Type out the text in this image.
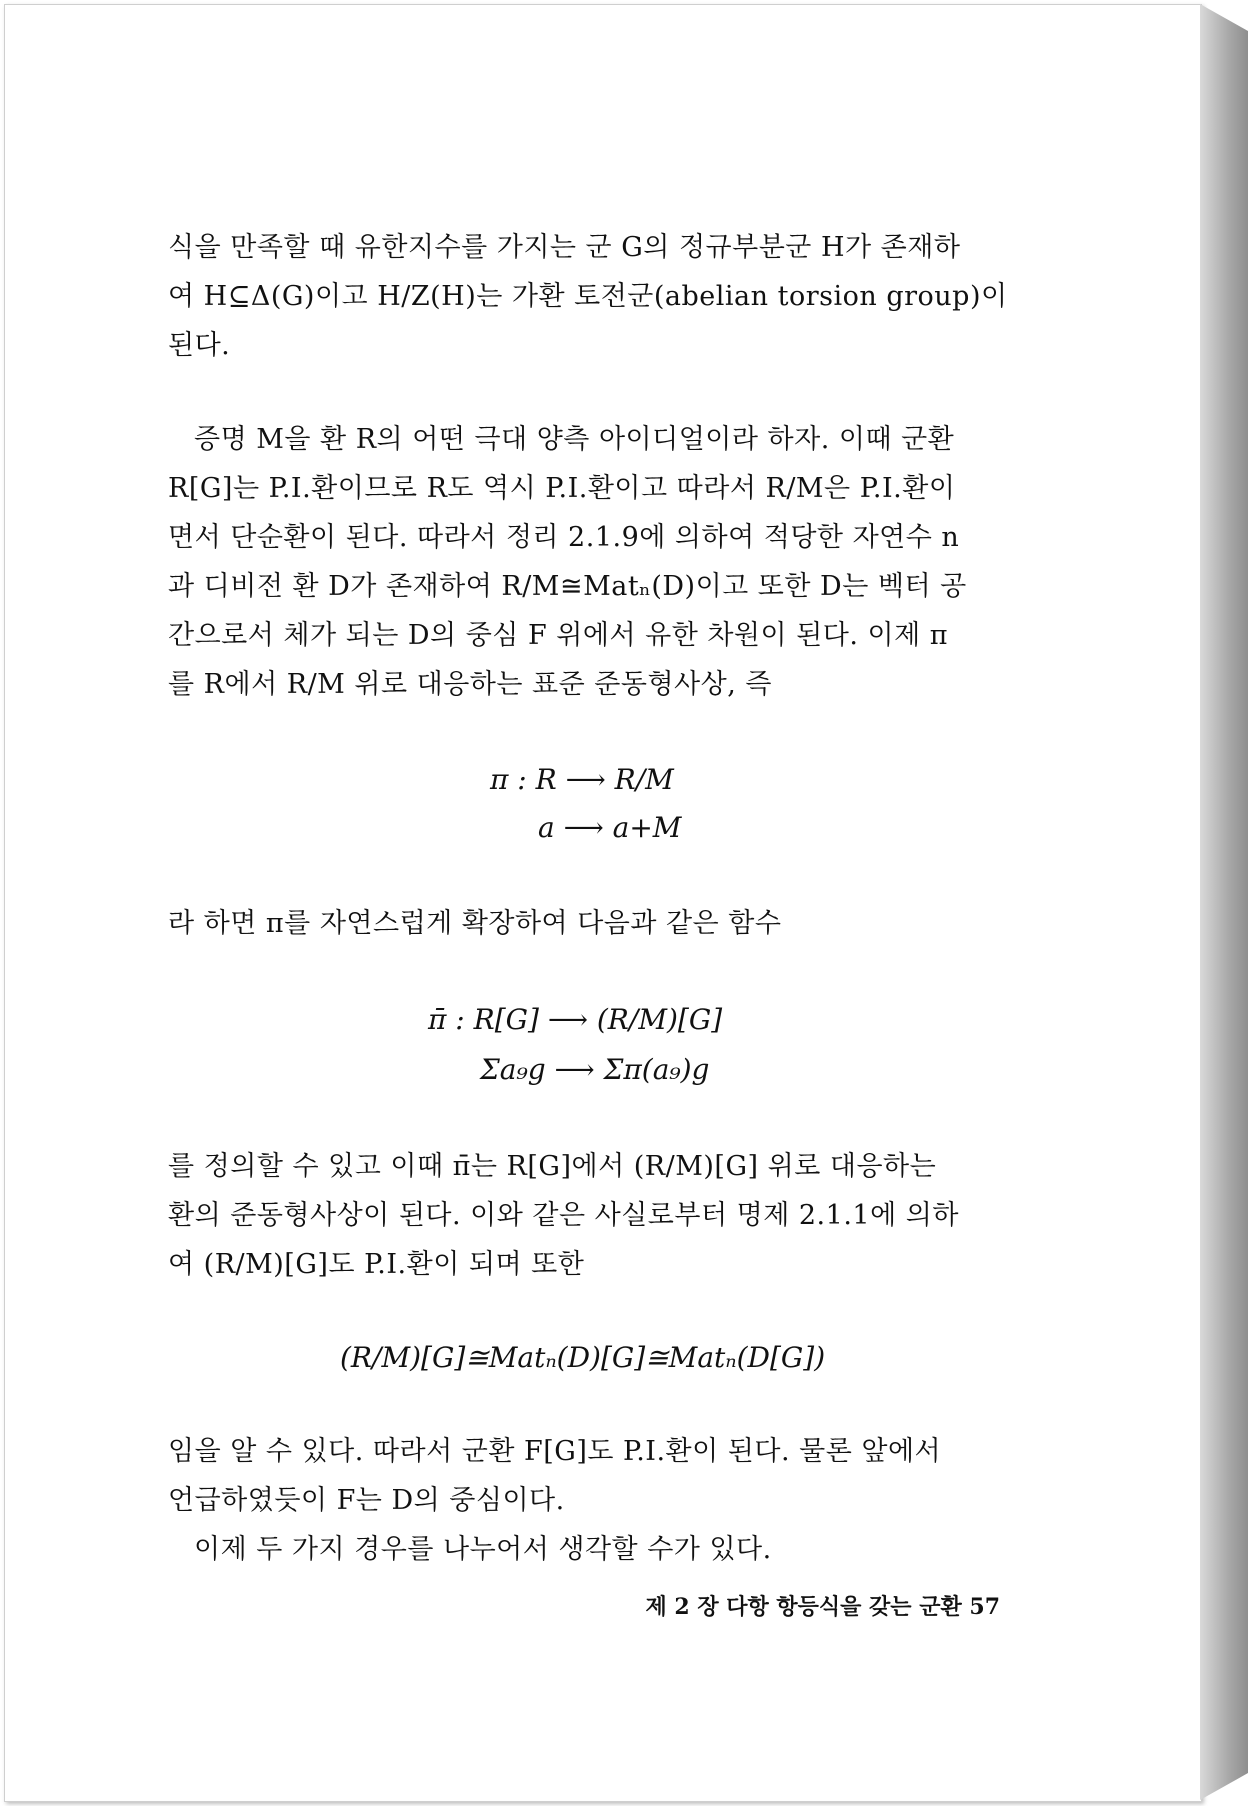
식을 만족할 때 유한지수를 가지는 군 G의 정규부분군 H가 존재하
여 H⊆Δ(G)이고 H/Z(H)는 가환 토전군(abelian torsion group)이
된다.
증명 M을 환 R의 어떤 극대 양측 아이디얼이라 하자. 이때 군환
R[G]는 P.I.환이므로 R도 역시 P.I.환이고 따라서 R/M은 P.I.환이
면서 단순환이 된다. 따라서 정리 2.1.9에 의하여 적당한 자연수 n
과 디비전 환 D가 존재하여 R/M≅Matₙ(D)이고 또한 D는 벡터 공
간으로서 체가 되는 D의 중심 F 위에서 유한 차원이 된다. 이제 π
를 R에서 R/M 위로 대응하는 표준 준동형사상, 즉
π : R ⟶ R/M
a ⟶ a+M
라 하면 π를 자연스럽게 확장하여 다음과 같은 함수
π̄ : R[G] ⟶ (R/M)[G]
Σa₉g ⟶ Σπ(a₉)g
를 정의할 수 있고 이때 π̄는 R[G]에서 (R/M)[G] 위로 대응하는
환의 준동형사상이 된다. 이와 같은 사실로부터 명제 2.1.1에 의하
여 (R/M)[G]도 P.I.환이 되며 또한
(R/M)[G]≅Matₙ(D)[G]≅Matₙ(D[G])
임을 알 수 있다. 따라서 군환 F[G]도 P.I.환이 된다. 물론 앞에서
언급하였듯이 F는 D의 중심이다.
이제 두 가지 경우를 나누어서 생각할 수가 있다.
제 2 장 다항 항등식을 갖는 군환 57
